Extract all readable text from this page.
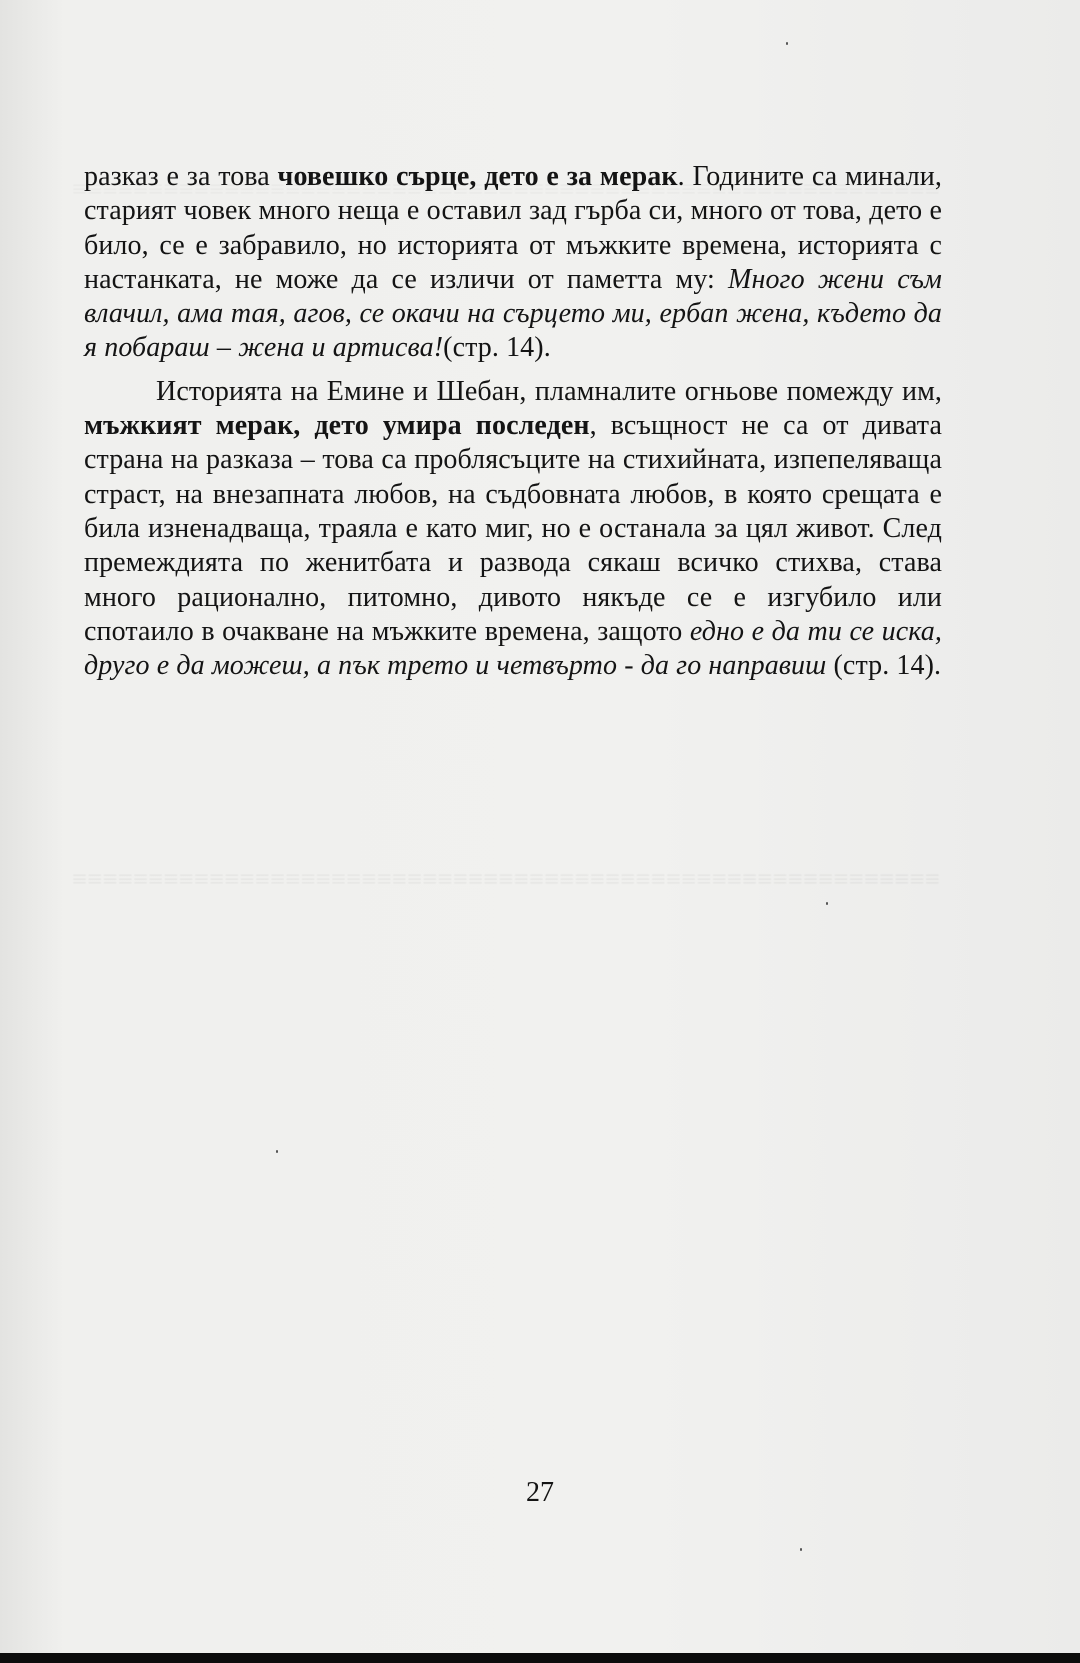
≡≡≡≡≡≡≡≡≡≡≡≡≡≡≡≡≡≡≡≡≡≡≡≡≡≡≡≡≡≡≡≡≡≡≡≡≡≡≡≡≡≡≡≡≡≡≡≡≡≡≡≡≡≡≡≡≡

разказ е за това човешко сърце, дето е за мерак. Годините са минали, старият човек много неща е оставил зад гърба си, много от това, дето е било, се е забравило, но историята от мъжките времена, историята с настанката, не може да се изличи от паметта му: Много жени съм влачил, ама тая, агов, се окачи на сърцето ми, ербап жена, където да я побараш – жена и артисва!(стр. 14).

Историята на Емине и Шебан, пламналите огньове помежду им, мъжкият мерак, дето умира последен, всъщност не са от дивата страна на разказа – това са проблясъците на стихийната, изпепеляваща страст, на внезапната любов, на съдбовната любов, в която срещата е била изненадваща, траяла е като миг, но е останала за цял живот. След премеждията по женитбата и развода сякаш всичко стихва, става много рационално, питомно, дивото някъде се е изгубило или спотаило в очакване на мъжките времена, защото едно е да ти се иска, друго е да можеш, а пък трето и четвърто - да го направиш (стр. 14).

27
